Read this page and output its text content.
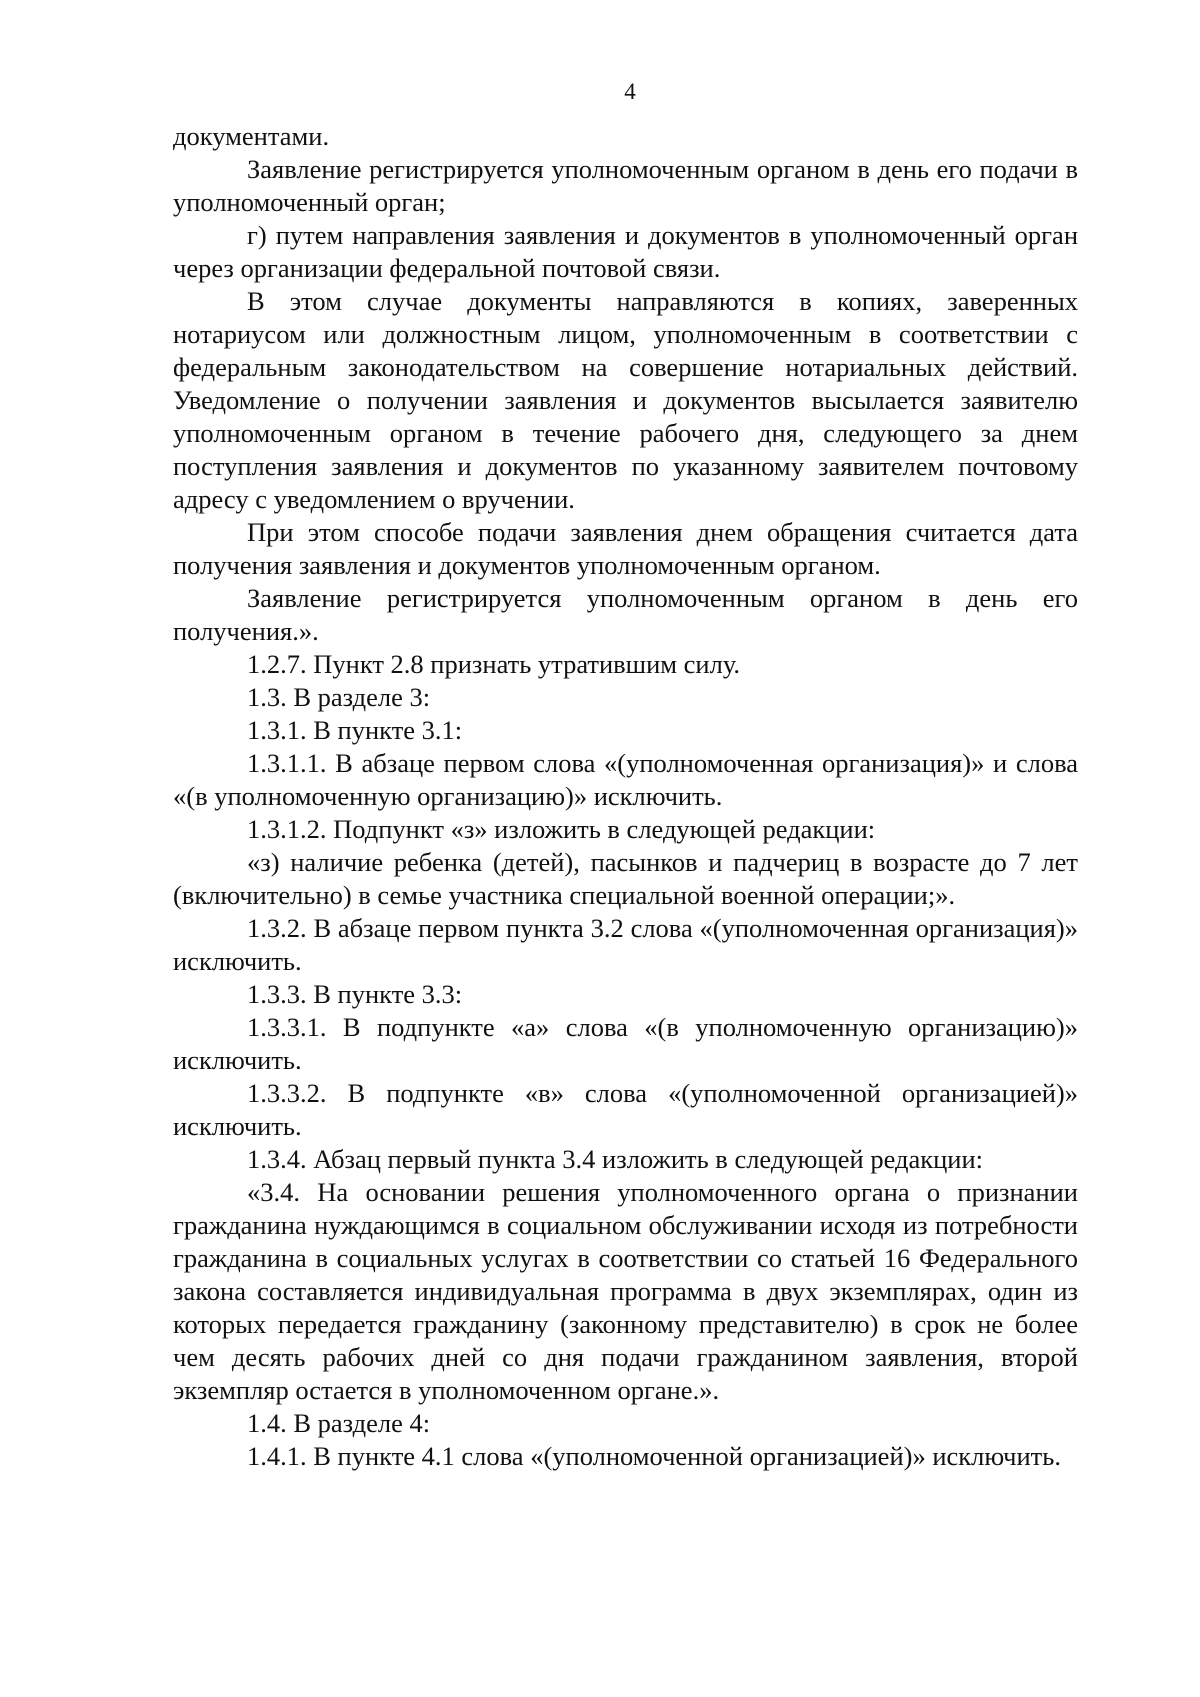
4

документами.

Заявление регистрируется уполномоченным органом в день его подачи в уполномоченный орган;

г) путем направления заявления и документов в уполномоченный орган через организации федеральной почтовой связи.

В этом случае документы направляются в копиях, заверенных нотариусом или должностным лицом, уполномоченным в соответствии с федеральным законодательством на совершение нотариальных действий. Уведомление о получении заявления и документов высылается заявителю уполномоченным органом в течение рабочего дня, следующего за днем поступления заявления и документов по указанному заявителем почтовому адресу с уведомлением о вручении.

При этом способе подачи заявления днем обращения считается дата получения заявления и документов уполномоченным органом.

Заявление регистрируется уполномоченным органом в день его получения.».

1.2.7. Пункт 2.8 признать утратившим силу.

1.3. В разделе 3:

1.3.1. В пункте 3.1:

1.3.1.1. В абзаце первом слова «(уполномоченная организация)» и слова «(в уполномоченную организацию)» исключить.

1.3.1.2. Подпункт «з» изложить в следующей редакции:

«з) наличие ребенка (детей), пасынков и падчериц в возрасте до 7 лет (включительно) в семье участника специальной военной операции;».

1.3.2. В абзаце первом пункта 3.2 слова «(уполномоченная организация)» исключить.

1.3.3. В пункте 3.3:

1.3.3.1. В подпункте «а» слова «(в уполномоченную организацию)» исключить.

1.3.3.2. В подпункте «в» слова «(уполномоченной организацией)» исключить.

1.3.4. Абзац первый пункта 3.4 изложить в следующей редакции:

«3.4. На основании решения уполномоченного органа о признании гражданина нуждающимся в социальном обслуживании исходя из потребности гражданина в социальных услугах в соответствии со статьей 16 Федерального закона составляется индивидуальная программа в двух экземплярах, один из которых передается гражданину (законному представителю) в срок не более чем десять рабочих дней со дня подачи гражданином заявления, второй экземпляр остается в уполномоченном органе.».

1.4. В разделе 4:

1.4.1. В пункте 4.1 слова «(уполномоченной организацией)» исключить.
